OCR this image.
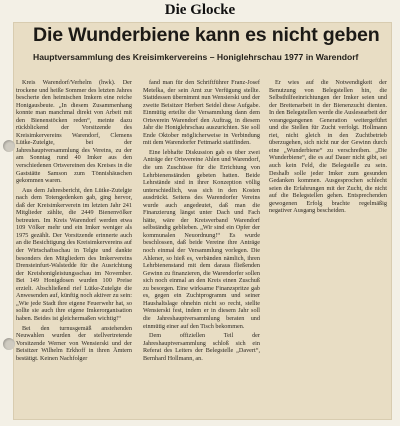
Die Glocke
Die Wunderbiene kann es nicht geben
Hauptversammlung des Kreisimkervereins – Honiglehrschau 1977 in Warendorf

Kreis Warendorf/Verhelm (hwk). Der trockene und heiße Sommer des letzten Jahres bescherte den heimischen Imkern eine reiche Honigausbeute. „In diesem Zusammenhang konnte man manchmal direkt von Arbeit mit den Bienenstöcken reden“, meinte dazu rückblickend der Vorsitzende des Kreisimkervereins Warendorf, Clemens Lütke-Zutelgte, bei der Jahreshauptversammlung des Vereins, zu der am Sonntag rund 40 Imker aus den verschiedenen Ortsvereinen des Kreises in die Gaststätte Samson zum Tönnishäuschen gekommen waren.

Aus dem Jahresbericht, den Lütke-Zutelgte nach dem Totengedenken gab, ging hervor, daß der Kreisimkerverein im letzten Jahr 241 Mitglieder zählte, die 2449 Bienenvölker betreuten. Im Kreis Warendorf werden etwa 109 Völker mehr und ein Imker weniger als 1975 gezählt. Der Vorsitzende erinnerte auch an die Besichtigung des Kreisimkervereins auf der Wirtschaftsschau in Telgte und dankte besonders den Mitgliedern des Imkervereins Drensteinfurt-Walstedde für die Ausrichtung der Kreishonigleistungsschau im November. Bei 149 Honigdosen wurden 100 Preise erzielt. Abschließend rief Lütke-Zutelgte die Anwesenden auf, künftig noch aktiver zu sein: „Wie jede Stadt ihre eigene Feuerwehr hat, so sollte sie auch ihre eigene Imkerorganisation haben. Beides ist gleichermaßen wichtig!“

Bei den turnusgemäß anstehenden Neuwahlen wurden der stellvertretende Vorsitzende Werner von Wensierski und der Beisitzer Wilhelm Erkhoff in ihren Ämtern bestätigt. Keinen Nachfolger

fand man für den Schriftführer Franz-Josef Metelka, der sein Amt zur Verfügung stellte. Stattdessen übernimmt nun Wensierski und der zweite Beisitzer Herbert Seidel diese Aufgabe. Einmütig erteilte die Versammlung dann dem Ortsverein Warendorf den Auftrag, in diesem Jahr die Honiglehrschau auszurichten. Sie soll Ende Oktober möglicherweise in Verbindung mit dem Warendorfer Fettmarkt stattfinden.

Eine lebhafte Diskussion gab es über zwei Anträge der Ortsvereine Ahlen und Warendorf, die um Zuschüsse für die Errichtung von Lehrbienenständen gebeten hatten. Beide Lehrstände sind in ihrer Konzeption völlig unterschiedlich, was sich in den Kosten ausdrückt. Seitens des Warendorfer Vereins wurde auch angedeutet, daß man die Finanzierung längst unter Dach und Fach hätte, wäre der Kreisverband Warendorf selbständig geblieben. „Wir sind ein Opfer der kommunalen Neuordnung!“ Es wurde beschlossen, daß beide Vereine ihre Anträge noch einmal der Versammlung vorlegen. Die Ahlener, so hieß es, verbänden nämlich, ihren Lehrbienenstand mit dem daraus fließenden Gewinn zu finanzieren, die Warendorfer sollen sich noch einmal an den Kreis einen Zuschuß zu besorgen. Eine wirksame Finanzspritze gab es, gegen ein Zuchtprogramm und seiner Haushaltslage ohnehin nicht so recht, stellte Wensierski fest, indem er in diesem Jahr soll die Jahreshauptversammlung beraten und einmütig einer auf den Tisch bekommen.

Dem offiziellen Teil der Jahreshauptversammlung schloß sich ein Referat des Leiters der Belegstelle „Davert“, Bernhard Hollmann, an.

Er wies auf die Notwendigkeit der Benutzung von Belegstellen hin, die Selbsthilfeeinrichtungen der Imker seien und der Breitenarbeit in der Bienenzucht dienten. In den Belegstellen werde die Auslesearbeit der vorangegangenen Generation weitergeführt und die Stellen für Zucht verfolgt. Hollmann riet, nicht gleich in den Zuchtbetrieb überzugehen, sich nicht nur der Gewinn durch eine „Wunderbiene“ zu verschreiben. „Die Wunderbiene“, die es auf Dauer nicht gibt, sei auch kein Feld, die Belegstelle zu sein. Deshalb solle jeder Imker zum gesunden Gedanken kommen. Ausgesprochen schlecht seien die Erfahrungen mit der Zucht, die nicht auf die Belegstellen gehen. Entsprechenden gewogenen Erfolg brachte regelmäßig negativer Ausgang bescheiden.
